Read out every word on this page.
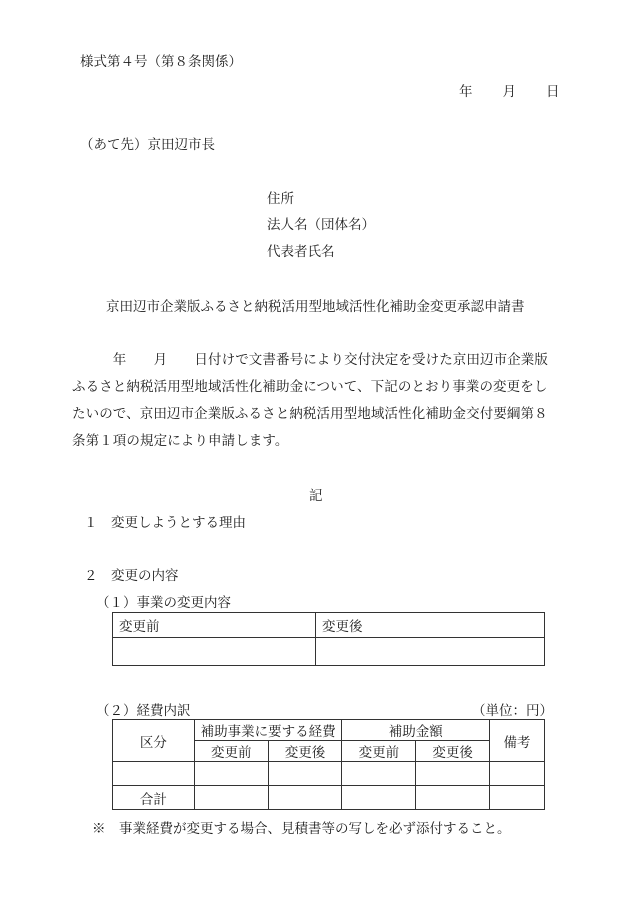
様式第４号（第８条関係）
年　　月　　日
（あて先）京田辺市長
住所
法人名（団体名）
代表者氏名
京田辺市企業版ふるさと納税活用型地域活性化補助金変更承認申請書
　　　年　　月　　日付けで文書番号により交付決定を受けた京田辺市企業版
ふるさと納税活用型地域活性化補助金について、下記のとおり事業の変更をし
たいので、京田辺市企業版ふるさと納税活用型地域活性化補助金交付要綱第８
条第１項の規定により申請します。
記
１　変更しようとする理由
２　変更の内容
（１）事業の変更内容
変更前	変更後

（２）経費内訳	（単位：円）
区分	補助事業に要する経費		補助金額		備考
	変更前	変更後	変更前	変更後	

合計					
※　事業経費が変更する場合、見積書等の写しを必ず添付すること。
